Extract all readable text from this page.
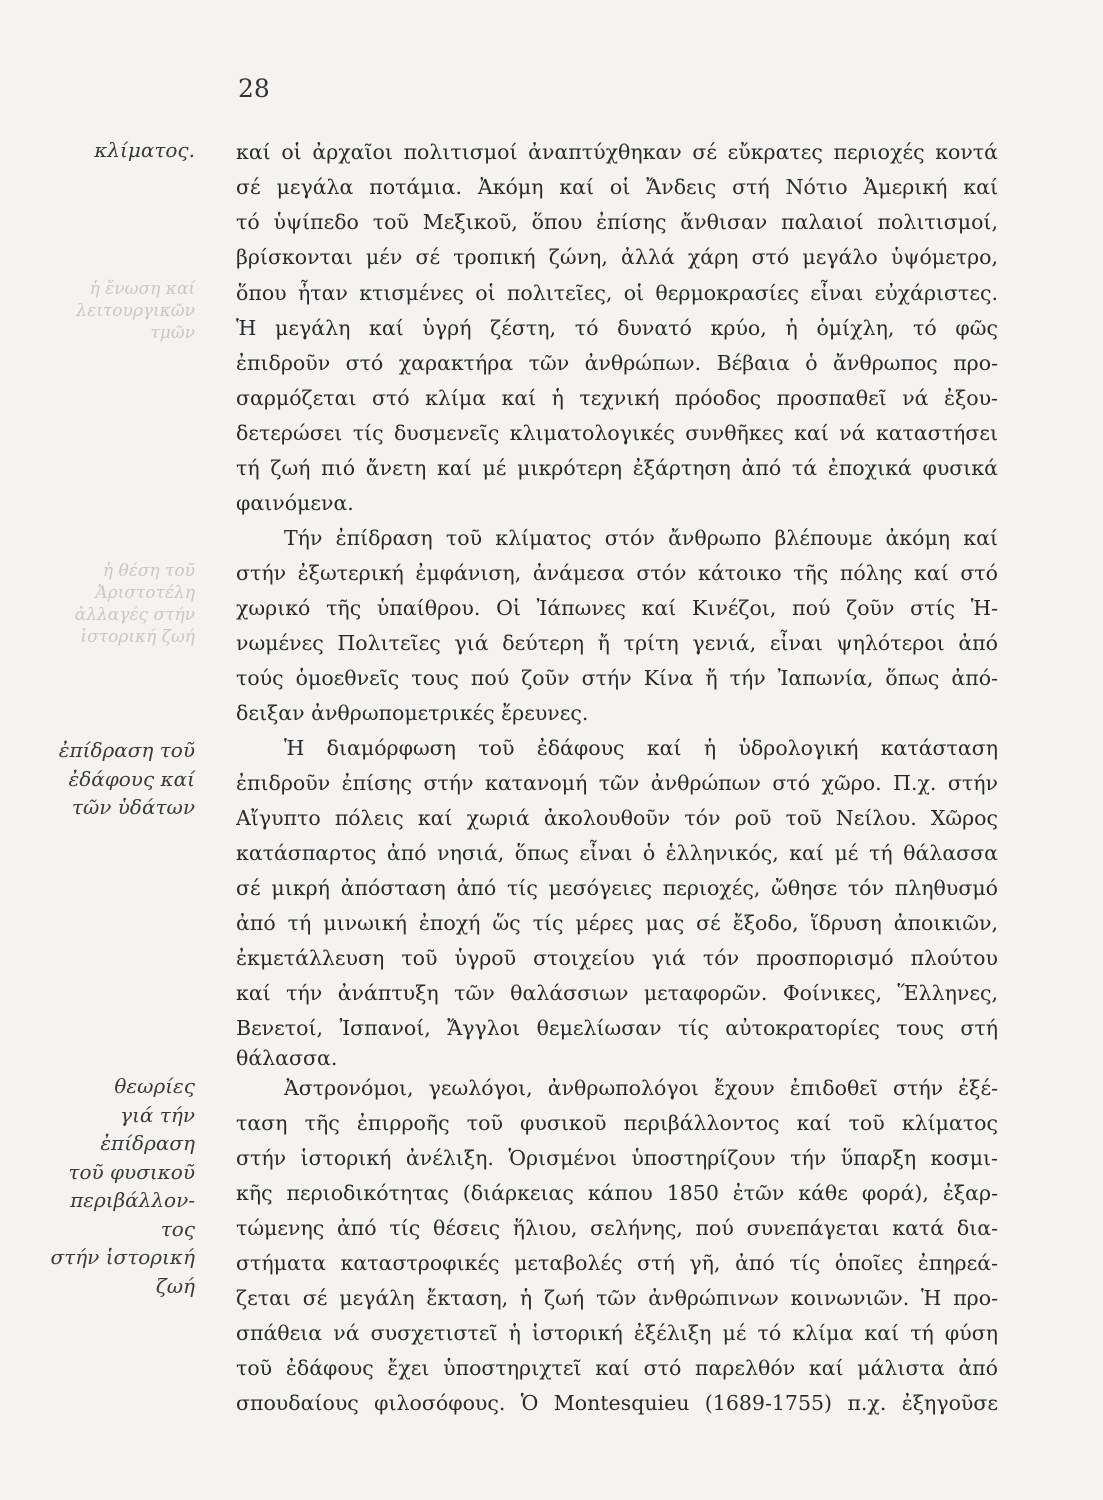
28
ἡ ἔνωση καί
λειτουργικῶν
τμῶν
ἡ θέση τοῦ
Ἀριστοτέλη
ἀλλαγές στήν
ἱστορική ζωή
κλίματος.
ἐπίδραση τοῦ
ἐδάφους καί
τῶν ὑδάτων
θεωρίες
γιά τήν
ἐπίδραση
τοῦ φυσικοῦ
περιβάλλον-
τος
στήν ἱστορική
ζωή
καί οἱ ἀρχαῖοι πολιτισμοί ἀναπτύχθηκαν σέ εὔκρατες περιοχές κοντά
σέ μεγάλα ποτάμια. Ἀκόμη καί οἱ Ἄνδεις στή Νότιο Ἀμερική καί
τό ὑψίπεδο τοῦ Μεξικοῦ, ὅπου ἐπίσης ἄνθισαν παλαιοί πολιτισμοί,
βρίσκονται μέν σέ τροπική ζώνη, ἀλλά χάρη στό μεγάλο ὑψόμετρο,
ὅπου ἦταν κτισμένες οἱ πολιτεῖες, οἱ θερμοκρασίες εἶναι εὐχάριστες.
Ἡ μεγάλη καί ὑγρή ζέστη, τό δυνατό κρύο, ἡ ὁμίχλη, τό φῶς
ἐπιδροῦν στό χαρακτήρα τῶν ἀνθρώπων. Βέβαια ὁ ἄνθρωπος προ-
σαρμόζεται στό κλίμα καί ἡ τεχνική πρόοδος προσπαθεῖ νά ἐξου-
δετερώσει τίς δυσμενεῖς κλιματολογικές συνθῆκες καί νά καταστήσει
τή ζωή πιό ἄνετη καί μέ μικρότερη ἐξάρτηση ἀπό τά ἐποχικά φυσικά
φαινόμενα.
Τήν ἐπίδραση τοῦ κλίματος στόν ἄνθρωπο βλέπουμε ἀκόμη καί
στήν ἐξωτερική ἐμφάνιση, ἀνάμεσα στόν κάτοικο τῆς πόλης καί στό
χωρικό τῆς ὑπαίθρου. Οἱ Ἰάπωνες καί Κινέζοι, πού ζοῦν στίς Ἡ-
νωμένες Πολιτεῖες γιά δεύτερη ἤ τρίτη γενιά, εἶναι ψηλότεροι ἀπό
τούς ὁμοεθνεῖς τους πού ζοῦν στήν Κίνα ἤ τήν Ἰαπωνία, ὅπως ἀπό-
δειξαν ἀνθρωπομετρικές ἔρευνες.
Ἡ διαμόρφωση τοῦ ἐδάφους καί ἡ ὑδρολογική κατάσταση
ἐπιδροῦν ἐπίσης στήν κατανομή τῶν ἀνθρώπων στό χῶρο. Π.χ. στήν
Αἴγυπτο πόλεις καί χωριά ἀκολουθοῦν τόν ροῦ τοῦ Νείλου. Χῶρος
κατάσπαρτος ἀπό νησιά, ὅπως εἶναι ὁ ἑλληνικός, καί μέ τή θάλασσα
σέ μικρή ἀπόσταση ἀπό τίς μεσόγειες περιοχές, ὤθησε τόν πληθυσμό
ἀπό τή μινωική ἐποχή ὥς τίς μέρες μας σέ ἔξοδο, ἵδρυση ἀποικιῶν,
ἐκμετάλλευση τοῦ ὑγροῦ στοιχείου γιά τόν προσπορισμό πλούτου
καί τήν ἀνάπτυξη τῶν θαλάσσιων μεταφορῶν. Φοίνικες, Ἕλληνες,
Βενετοί, Ἰσπανοί, Ἄγγλοι θεμελίωσαν τίς αὐτοκρατορίες τους στή
θάλασσα.
Ἀστρονόμοι, γεωλόγοι, ἀνθρωπολόγοι ἔχουν ἐπιδοθεῖ στήν ἐξέ-
ταση τῆς ἐπιρροῆς τοῦ φυσικοῦ περιβάλλοντος καί τοῦ κλίματος
στήν ἱστορική ἀνέλιξη. Ὁρισμένοι ὑποστηρίζουν τήν ὕπαρξη κοσμι-
κῆς περιοδικότητας (διάρκειας κάπου 1850 ἐτῶν κάθε φορά), ἐξαρ-
τώμενης ἀπό τίς θέσεις ἥλιου, σελήνης, πού συνεπάγεται κατά δια-
στήματα καταστροφικές μεταβολές στή γῆ, ἀπό τίς ὁποῖες ἐπηρεά-
ζεται σέ μεγάλη ἔκταση, ἡ ζωή τῶν ἀνθρώπινων κοινωνιῶν. Ἡ προ-
σπάθεια νά συσχετιστεῖ ἡ ἱστορική ἐξέλιξη μέ τό κλίμα καί τή φύση
τοῦ ἐδάφους ἔχει ὑποστηριχτεῖ καί στό παρελθόν καί μάλιστα ἀπό
σπουδαίους φιλοσόφους. Ὁ Montesquieu (1689-1755) π.χ. ἐξηγοῦσε
